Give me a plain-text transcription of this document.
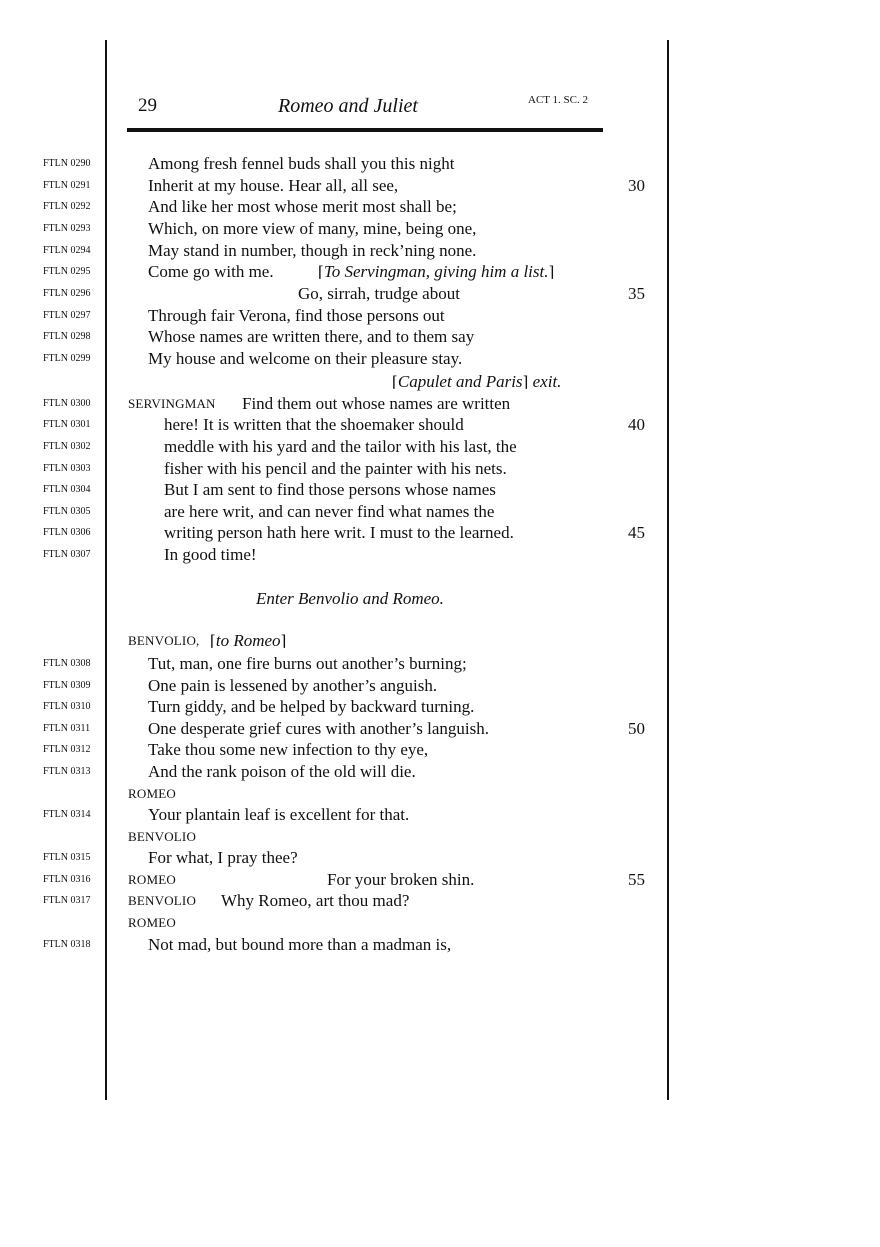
29	Romeo and Juliet	ACT 1. SC. 2
FTLN 0290	Among fresh fennel buds shall you this night
FTLN 0291	Inherit at my house. Hear all, all see,	30
FTLN 0292	And like her most whose merit most shall be;
FTLN 0293	Which, on more view of many, mine, being one,
FTLN 0294	May stand in number, though in reck’ning none.
FTLN 0295	Come go with me.	⌈To Servingman, giving him a list.⌉
FTLN 0296	Go, sirrah, trudge about	35
FTLN 0297	Through fair Verona, find those persons out
FTLN 0298	Whose names are written there, and to them say
FTLN 0299	My house and welcome on their pleasure stay.
⌈Capulet and Paris⌉ exit.
FTLN 0300	SERVINGMAN Find them out whose names are written
FTLN 0301	here! It is written that the shoemaker should	40
FTLN 0302	meddle with his yard and the tailor with his last, the
FTLN 0303	fisher with his pencil and the painter with his nets.
FTLN 0304	But I am sent to find those persons whose names
FTLN 0305	are here writ, and can never find what names the
FTLN 0306	writing person hath here writ. I must to the learned.	45
FTLN 0307	In good time!
Enter Benvolio and Romeo.
BENVOLIO, ⌈to Romeo⌉
FTLN 0308	Tut, man, one fire burns out another’s burning;
FTLN 0309	One pain is lessened by another’s anguish.
FTLN 0310	Turn giddy, and be helped by backward turning.
FTLN 0311	One desperate grief cures with another’s languish.	50
FTLN 0312	Take thou some new infection to thy eye,
FTLN 0313	And the rank poison of the old will die.
ROMEO
FTLN 0314	Your plantain leaf is excellent for that.
BENVOLIO
FTLN 0315	For what, I pray thee?
FTLN 0316	ROMEO	For your broken shin.	55
FTLN 0317	BENVOLIO Why Romeo, art thou mad?
ROMEO
FTLN 0318	Not mad, but bound more than a madman is,
